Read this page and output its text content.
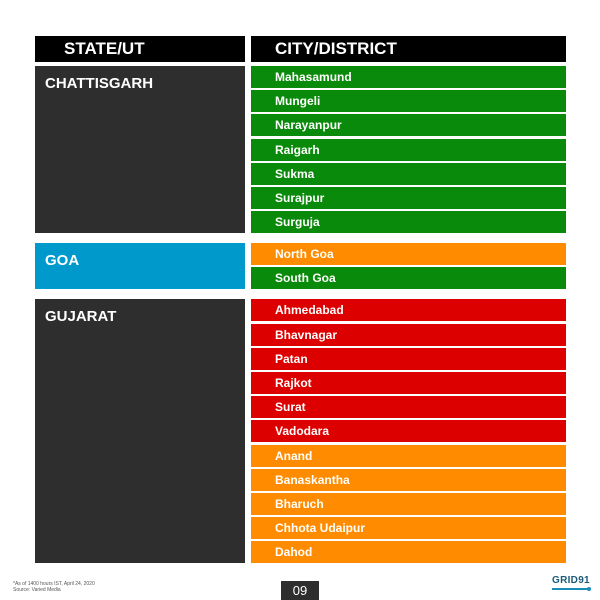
STATE/UT	CITY/DISTRICT
CHATTISGARH	Mahasamund
Mungeli
Narayanpur
Raigarh
Sukma
Surajpur
Surguja
GOA	North Goa
South Goa
GUJARAT	Ahmedabad
Bhavnagar
Patan
Rajkot
Surat
Vadodara
Anand
Banaskantha
Bharuch
Chhota Udaipur
Dahod
*As of 1400 hours IST, April 24, 2020
Source: Varied Media	09
GRID91
